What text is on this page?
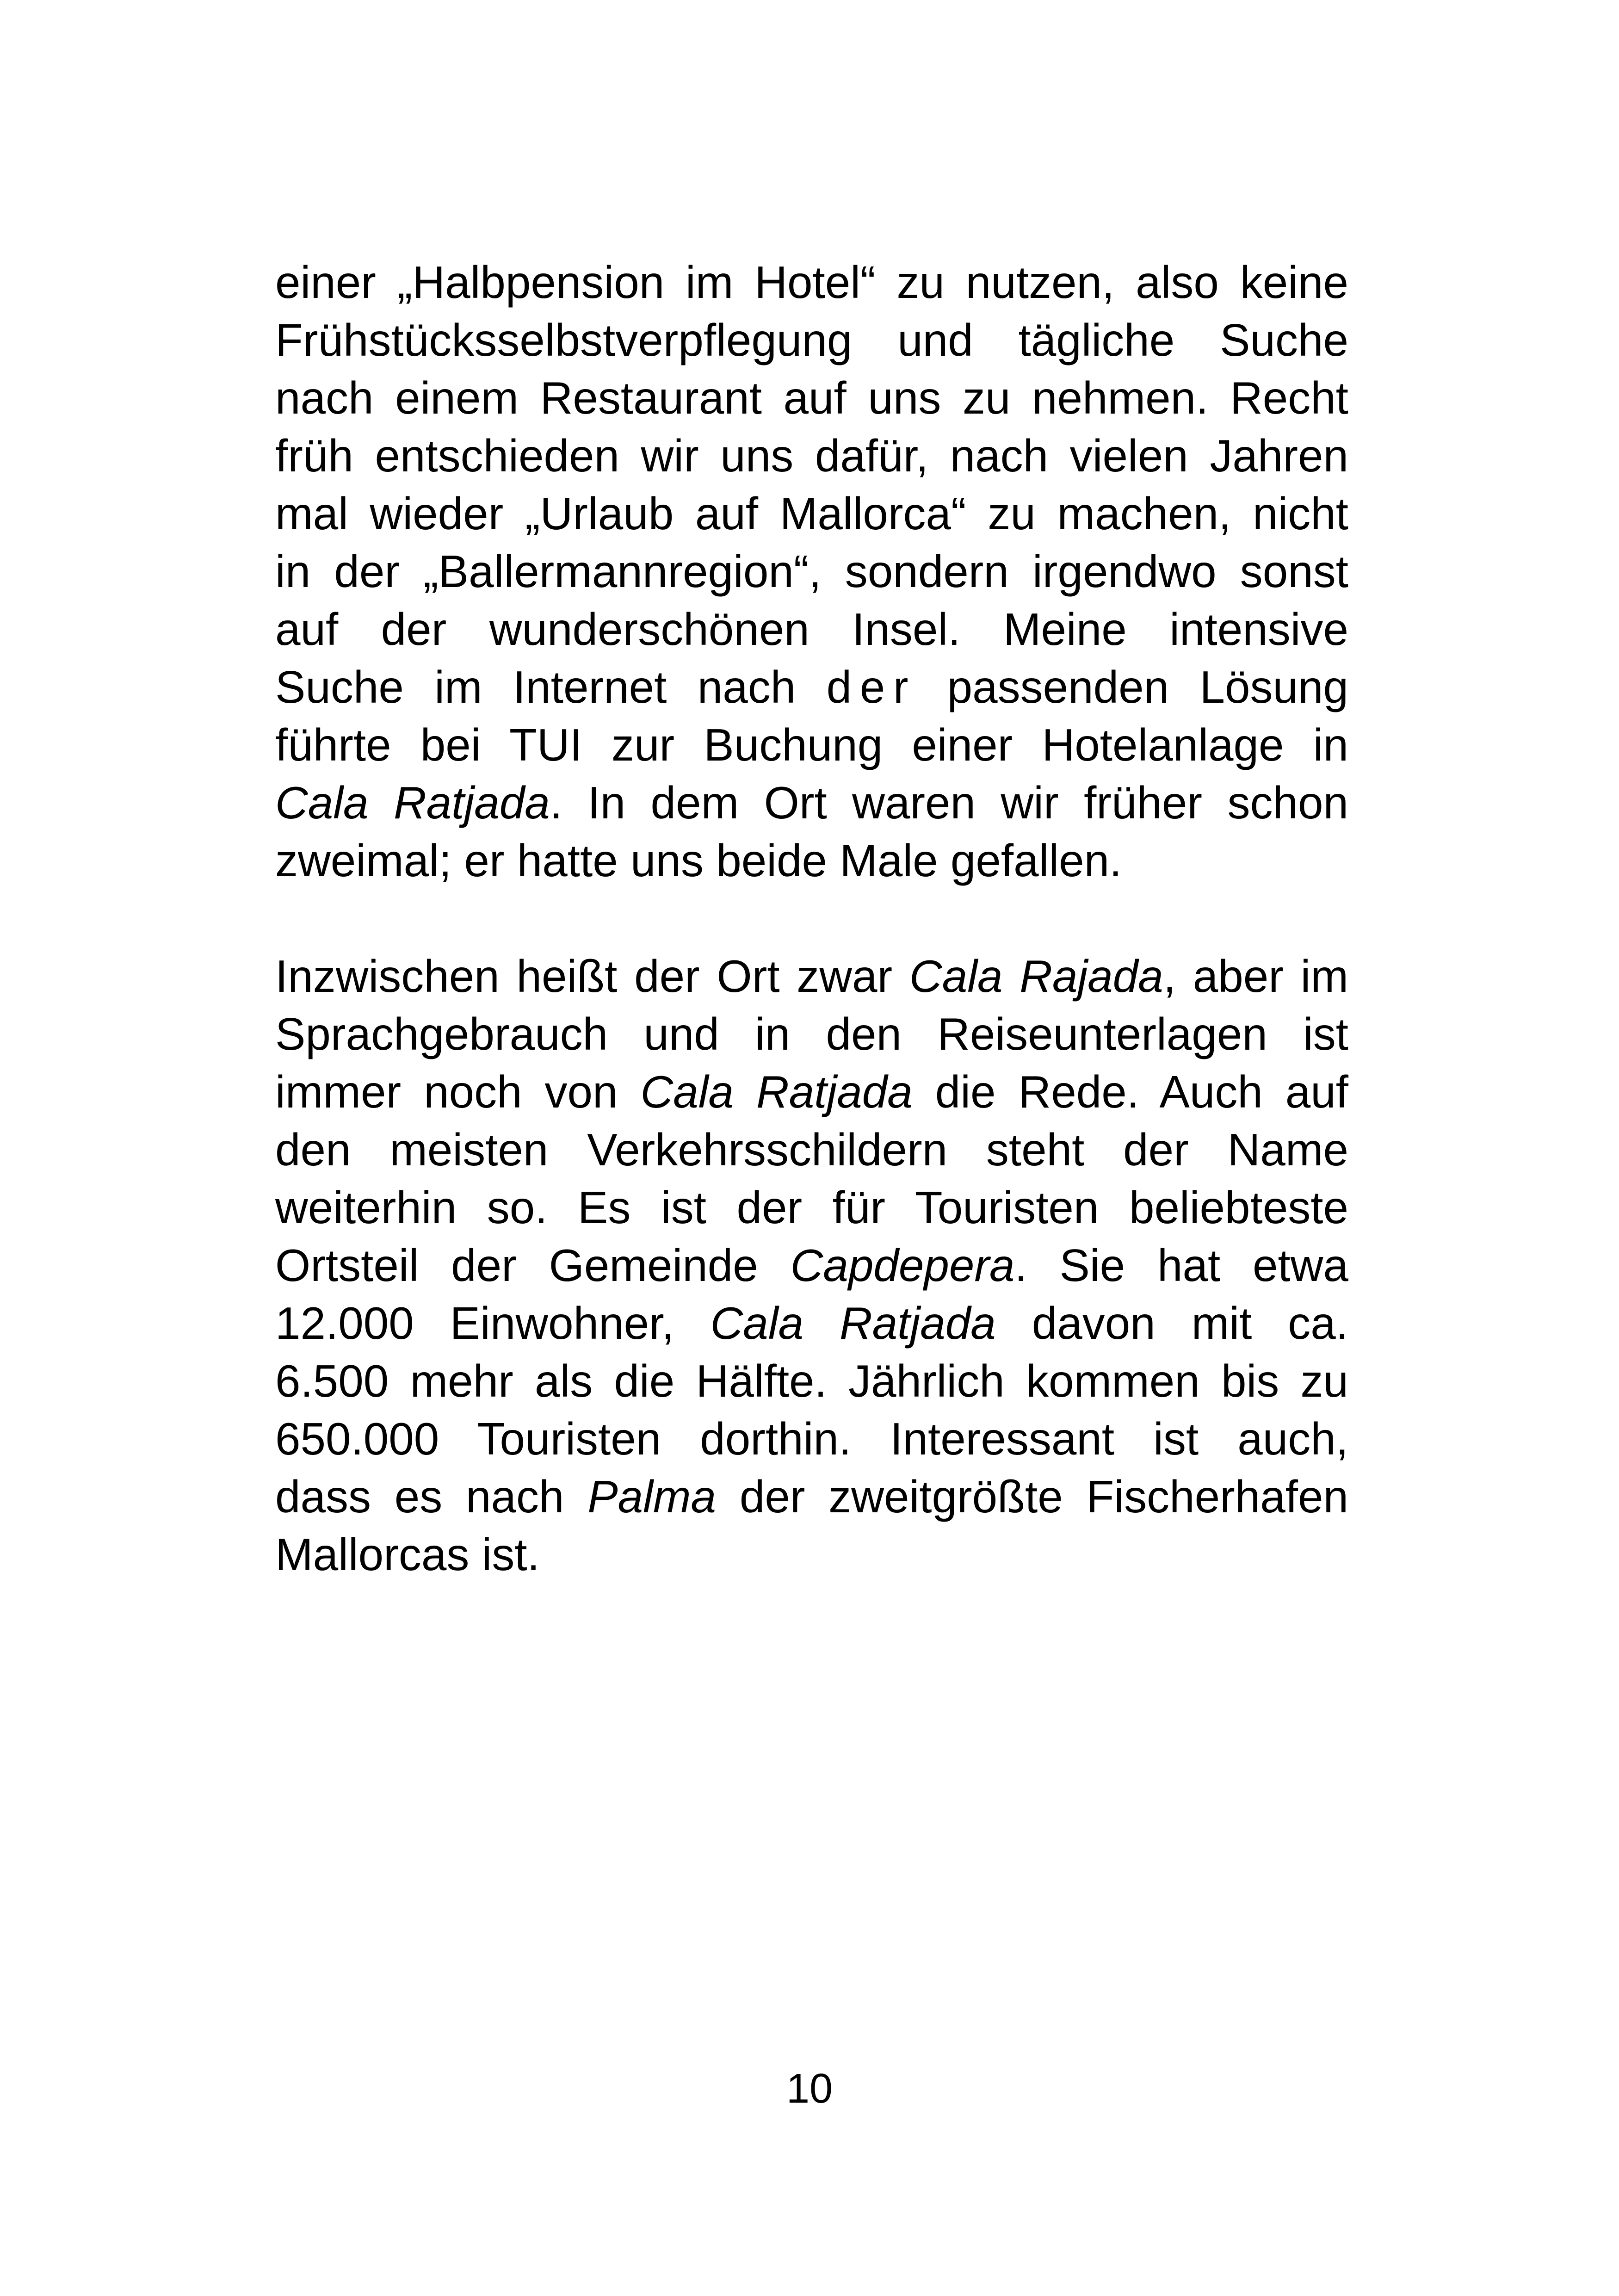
einer „Halbpension im Hotel“ zu nutzen, also keine
Frühstücksselbstverpflegung und tägliche Suche
nach einem Restaurant auf uns zu nehmen. Recht
früh entschieden wir uns dafür, nach vielen Jahren
mal wieder „Urlaub auf Mallorca“ zu machen, nicht
in der „Ballermannregion“, sondern irgendwo sonst
auf der wunderschönen Insel. Meine intensive
Suche im Internet nach der passenden Lösung
führte bei TUI zur Buchung einer Hotelanlage in
Cala Ratjada. In dem Ort waren wir früher schon
zweimal; er hatte uns beide Male gefallen.
Inzwischen heißt der Ort zwar Cala Rajada, aber im
Sprachgebrauch und in den Reiseunterlagen ist
immer noch von Cala Ratjada die Rede. Auch auf
den meisten Verkehrsschildern steht der Name
weiterhin so. Es ist der für Touristen beliebteste
Ortsteil der Gemeinde Capdepera. Sie hat etwa
12.000 Einwohner, Cala Ratjada davon mit ca.
6.500 mehr als die Hälfte. Jährlich kommen bis zu
650.000 Touristen dorthin. Interessant ist auch,
dass es nach Palma der zweitgrößte Fischerhafen
Mallorcas ist.
10
